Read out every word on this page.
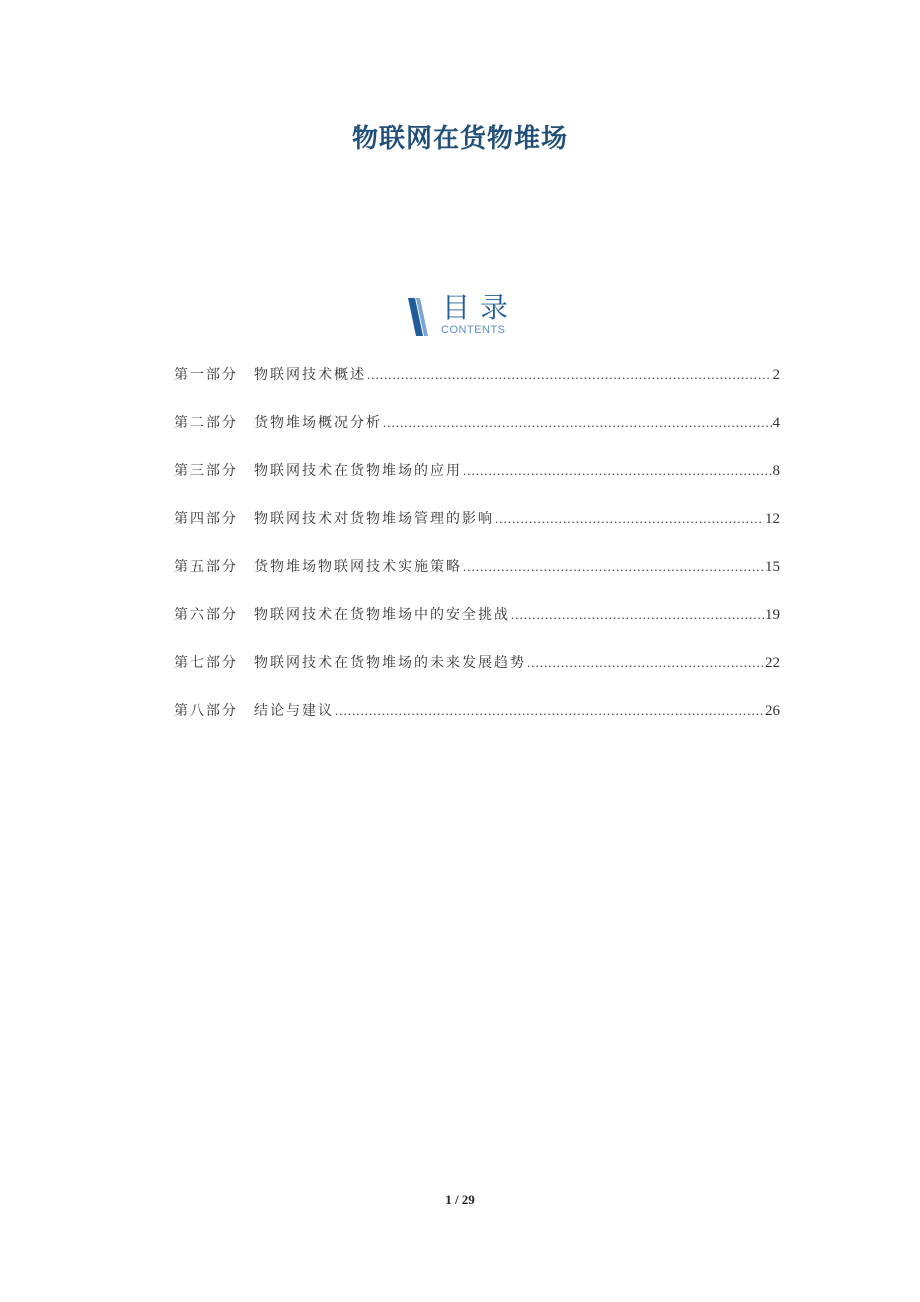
物联网在货物堆场
目录
CONTENTS
第一部分	物联网技术概述 .....	2
第二部分	货物堆场概况分析 .....	4
第三部分	物联网技术在货物堆场的应用 .....	8
第四部分	物联网技术对货物堆场管理的影响 .....	12
第五部分	货物堆场物联网技术实施策略 .....	15
第六部分	物联网技术在货物堆场中的安全挑战 .....	19
第七部分	物联网技术在货物堆场的未来发展趋势 .....	22
第八部分	结论与建议 .....	26
1 / 29
